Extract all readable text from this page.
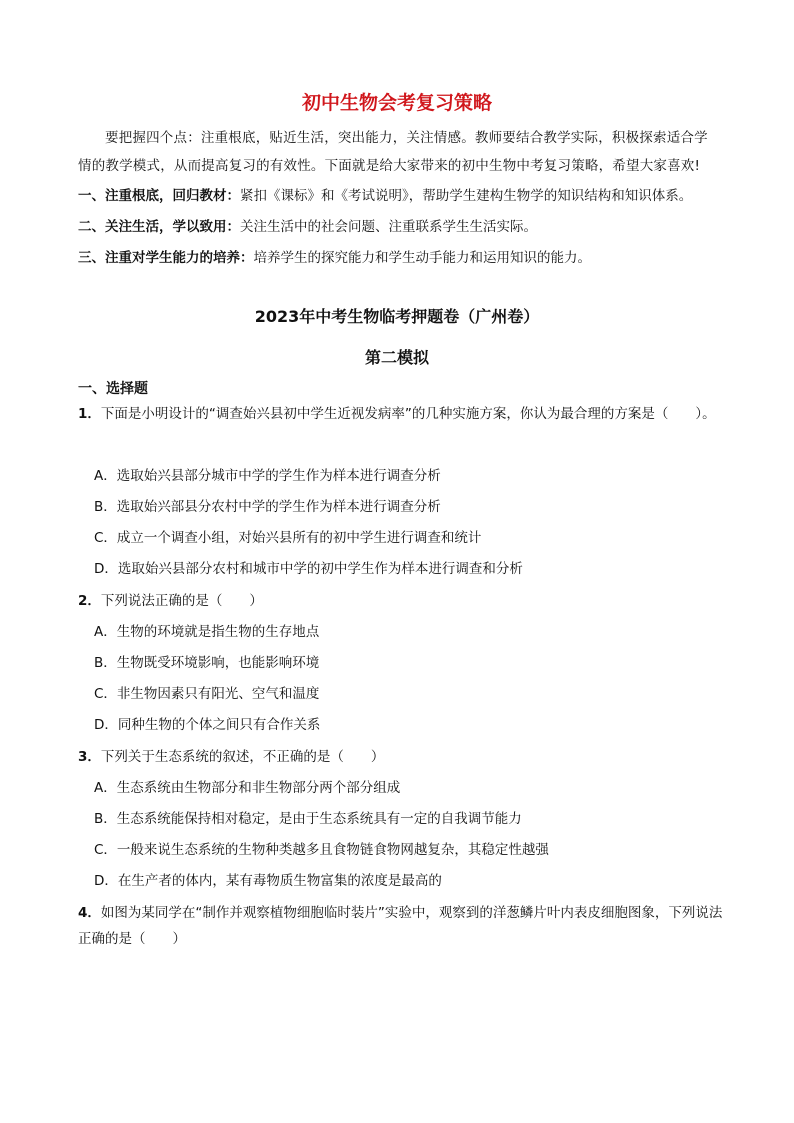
初中生物会考复习策略
要把握四个点：注重根底，贴近生活，突出能力，关注情感。教师要结合教学实际，积极探索适合学情的教学模式，从而提高复习的有效性。下面就是给大家带来的初中生物中考复习策略，希望大家喜欢!
一、注重根底，回归教材：紧扣《课标》和《考试说明》，帮助学生建构生物学的知识结构和知识体系。
二、关注生活，学以致用：关注生活中的社会问题、注重联系学生生活实际。
三、注重对学生能力的培养：培养学生的探究能力和学生动手能力和运用知识的能力。
2023年中考生物临考押题卷（广州卷）
第二模拟
一、选择题
1．下面是小明设计的“调查始兴县初中学生近视发病率”的几种实施方案，你认为最合理的方案是（　　）。
A．选取始兴县部分城市中学的学生作为样本进行调查分析
B．选取始兴部县分农村中学的学生作为样本进行调查分析
C．成立一个调查小组，对始兴县所有的初中学生进行调查和统计
D．选取始兴县部分农村和城市中学的初中学生作为样本进行调查和分析
2．下列说法正确的是（　　）
A．生物的环境就是指生物的生存地点
B．生物既受环境影响，也能影响环境
C．非生物因素只有阳光、空气和温度
D．同种生物的个体之间只有合作关系
3．下列关于生态系统的叙述，不正确的是（　　）
A．生态系统由生物部分和非生物部分两个部分组成
B．生态系统能保持相对稳定，是由于生态系统具有一定的自我调节能力
C．一般来说生态系统的生物种类越多且食物链食物网越复杂，其稳定性越强
D．在生产者的体内，某有毒物质生物富集的浓度是最高的
4．如图为某同学在“制作并观察植物细胞临时装片”实验中，观察到的洋葱鳞片叶内表皮细胞图象，下列说法正确的是（　　）
